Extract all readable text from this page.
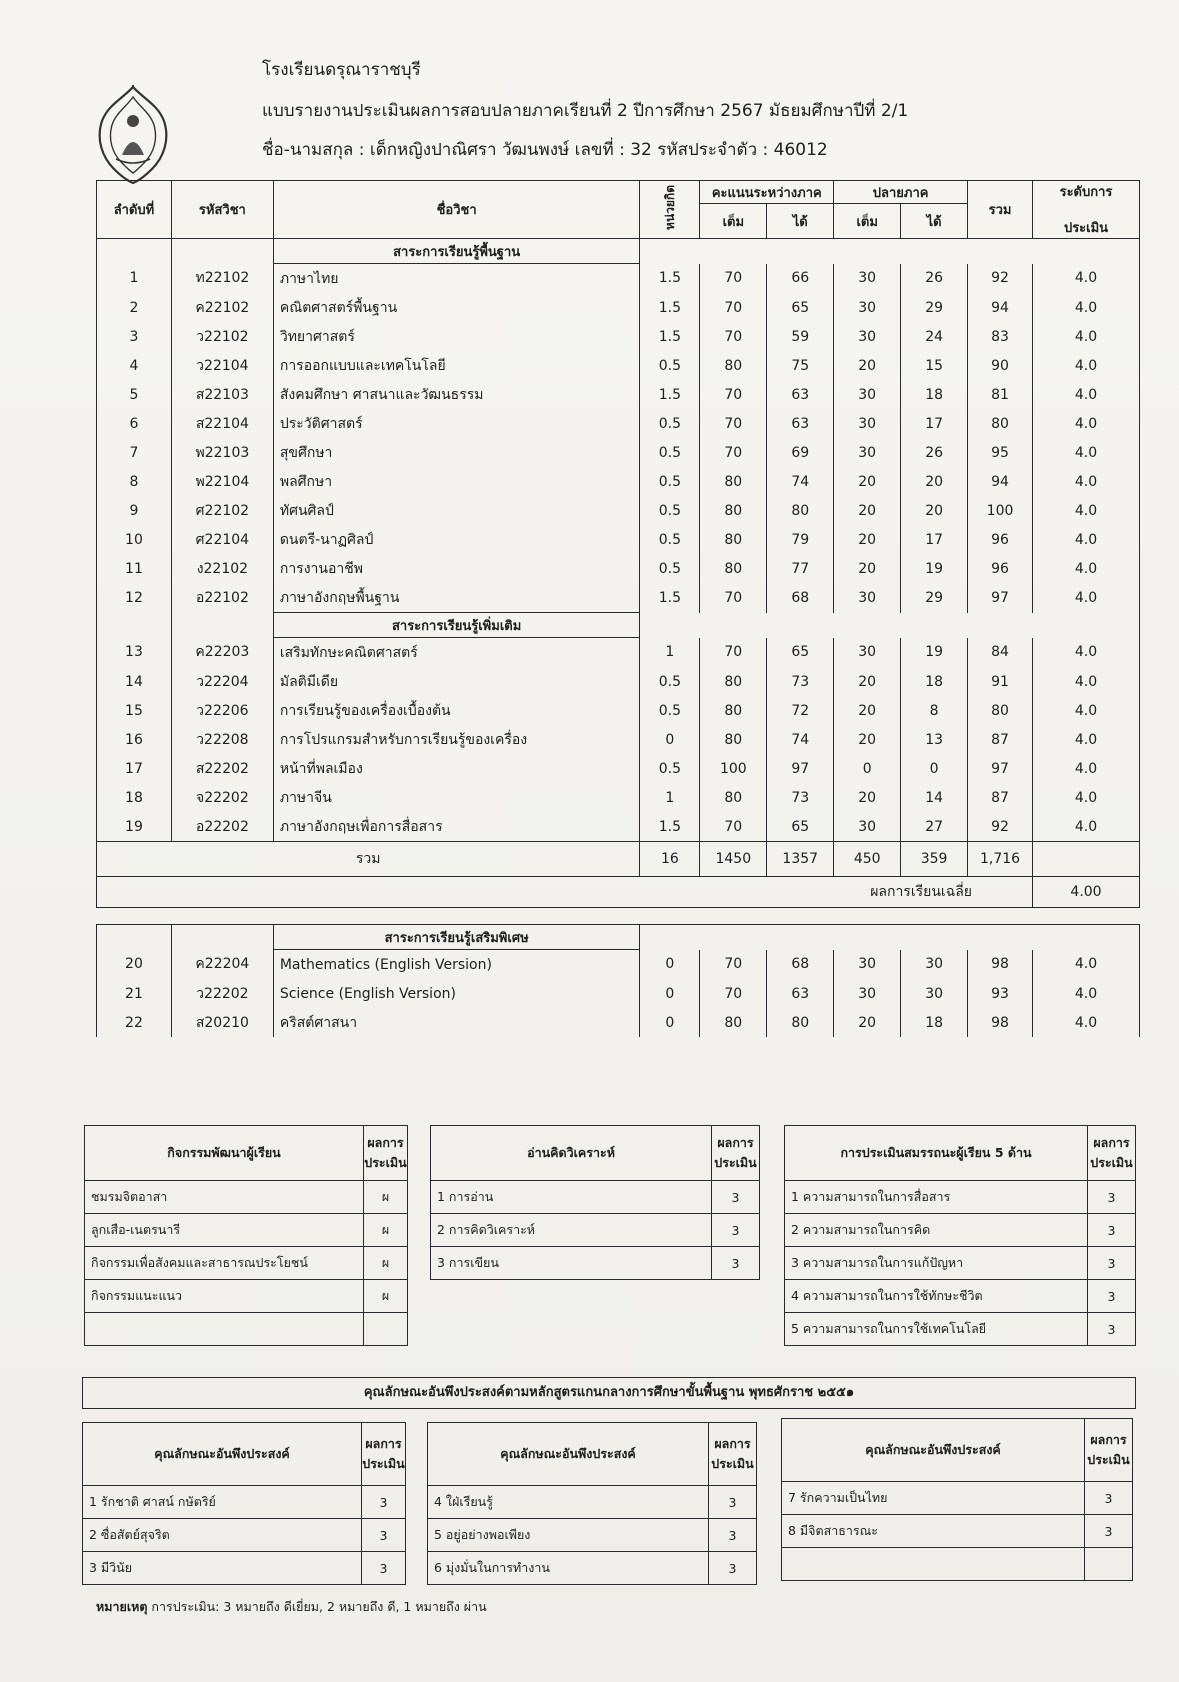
โรงเรียนดรุณาราชบุรี
แบบรายงานประเมินผลการสอบปลายภาคเรียนที่ 2 ปีการศึกษา 2567 มัธยมศึกษาปีที่ 2/1
ชื่อ-นามสกุล : เด็กหญิงปาณิศรา วัฒนพงษ์ เลขที่ : 32 รหัสประจำตัว : 46012
ลำดับที่	รหัสวิชา	ชื่อวิชา	หน่วยกิต	คะแนนระหว่างภาค		ปลายภาค		รวม	ระดับการ

ประเมิน
				เต็ม	ได้	เต็ม	ได้		
		สาระการเรียนรู้พื้นฐาน							
1	ท22102	ภาษาไทย	1.5	70	66	30	26	92	4.0
2	ค22102	คณิตศาสตร์พื้นฐาน	1.5	70	65	30	29	94	4.0
3	ว22102	วิทยาศาสตร์	1.5	70	59	30	24	83	4.0
4	ว22104	การออกแบบและเทคโนโลยี	0.5	80	75	20	15	90	4.0
5	ส22103	สังคมศึกษา ศาสนาและวัฒนธรรม	1.5	70	63	30	18	81	4.0
6	ส22104	ประวัติศาสตร์	0.5	70	63	30	17	80	4.0
7	พ22103	สุขศึกษา	0.5	70	69	30	26	95	4.0
8	พ22104	พลศึกษา	0.5	80	74	20	20	94	4.0
9	ศ22102	ทัศนศิลป์	0.5	80	80	20	20	100	4.0
10	ศ22104	ดนตรี-นาฏศิลป์	0.5	80	79	20	17	96	4.0
11	ง22102	การงานอาชีพ	0.5	80	77	20	19	96	4.0
12	อ22102	ภาษาอังกฤษพื้นฐาน	1.5	70	68	30	29	97	4.0
		สาระการเรียนรู้เพิ่มเติม							
13	ค22203	เสริมทักษะคณิตศาสตร์	1	70	65	30	19	84	4.0
14	ว22204	มัลติมีเดีย	0.5	80	73	20	18	91	4.0
15	ว22206	การเรียนรู้ของเครื่องเบื้องต้น	0.5	80	72	20	8	80	4.0
16	ว22208	การโปรแกรมสำหรับการเรียนรู้ของเครื่อง	0	80	74	20	13	87	4.0
17	ส22202	หน้าที่พลเมือง	0.5	100	97	0	0	97	4.0
18	จ22202	ภาษาจีน	1	80	73	20	14	87	4.0
19	อ22202	ภาษาอังกฤษเพื่อการสื่อสาร	1.5	70	65	30	27	92	4.0
รวม			16	1450	1357	450	359	1,716	
ผลการเรียนเฉลี่ย									4.00

		สาระการเรียนรู้เสริมพิเศษ							
20	ค22204	Mathematics (English Version)	0	70	68	30	30	98	4.0
21	ว22202	Science (English Version)	0	70	63	30	30	93	4.0
22	ส20210	คริสต์ศาสนา	0	80	80	20	18	98	4.0
กิจกรรมพัฒนาผู้เรียน	ผลการ
ประเมิน
ชมรมจิตอาสา	ผ
ลูกเสือ-เนตรนารี	ผ
กิจกรรมเพื่อสังคมและสาธารณประโยชน์	ผ
กิจกรรมแนะแนว	ผ

อ่านคิดวิเคราะห์	ผลการ
ประเมิน
1 การอ่าน	3
2 การคิดวิเคราะห์	3
3 การเขียน	3
การประเมินสมรรถนะผู้เรียน 5 ด้าน	ผลการ
ประเมิน
1 ความสามารถในการสื่อสาร	3
2 ความสามารถในการคิด	3
3 ความสามารถในการแก้ปัญหา	3
4 ความสามารถในการใช้ทักษะชีวิต	3
5 ความสามารถในการใช้เทคโนโลยี	3
คุณลักษณะอันพึงประสงค์ตามหลักสูตรแกนกลางการศึกษาขั้นพื้นฐาน พุทธศักราช ๒๕๕๑
คุณลักษณะอันพึงประสงค์	ผลการ
ประเมิน
1 รักชาติ ศาสน์ กษัตริย์	3
2 ซื่อสัตย์สุจริต	3
3 มีวินัย	3
คุณลักษณะอันพึงประสงค์	ผลการ
ประเมิน
4 ใฝ่เรียนรู้	3
5 อยู่อย่างพอเพียง	3
6 มุ่งมั่นในการทำงาน	3
คุณลักษณะอันพึงประสงค์	ผลการ
ประเมิน
7 รักความเป็นไทย	3
8 มีจิตสาธารณะ	3

หมายเหตุ การประเมิน: 3 หมายถึง ดีเยี่ยม, 2 หมายถึง ดี, 1 หมายถึง ผ่าน
